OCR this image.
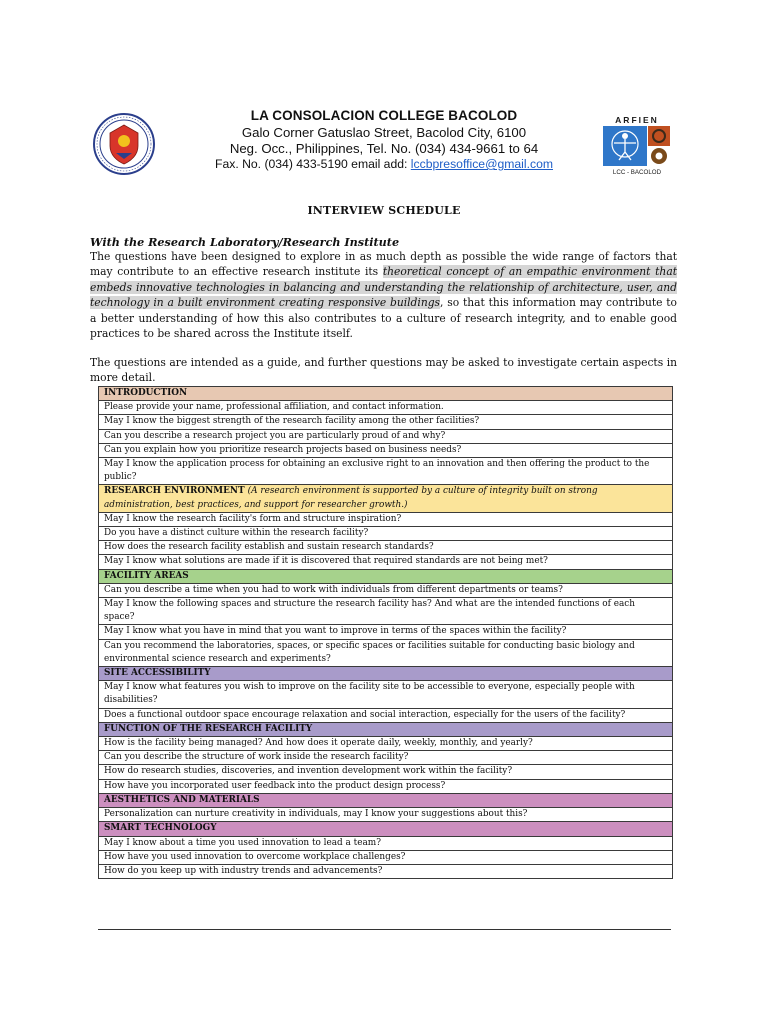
LA CONSOLACION COLLEGE BACOLOD
Galo Corner Gatuslao Street, Bacolod City, 6100
Neg. Occ., Philippines, Tel. No. (034) 434-9661 to 64
Fax. No. (034) 433-5190 email add: lccbpresoffice@gmail.com
ARFIEN
LCC - BACOLOD
INTERVIEW SCHEDULE
With the Research Laboratory/Research Institute
The questions have been designed to explore in as much depth as possible the wide range of factors that may contribute to an effective research institute its theoretical concept of an empathic environment that embeds innovative technologies in balancing and understanding the relationship of architecture, user, and technology in a built environment creating responsive buildings, so that this information may contribute to a better understanding of how this also contributes to a culture of research integrity, and to enable good practices to be shared across the Institute itself.
The questions are intended as a guide, and further questions may be asked to investigate certain aspects in more detail.
INTRODUCTION
Please provide your name, professional affiliation, and contact information.
May I know the biggest strength of the research facility among the other facilities?
Can you describe a research project you are particularly proud of and why?
Can you explain how you prioritize research projects based on business needs?
May I know the application process for obtaining an exclusive right to an innovation and then offering the product to the public?
RESEARCH ENVIRONMENT (A research environment is supported by a culture of integrity built on strong administration, best practices, and support for researcher growth.)
May I know the research facility's form and structure inspiration?
Do you have a distinct culture within the research facility?
How does the research facility establish and sustain research standards?
May I know what solutions are made if it is discovered that required standards are not being met?
FACILITY AREAS
Can you describe a time when you had to work with individuals from different departments or teams?
May I know the following spaces and structure the research facility has? And what are the intended functions of each space?
May I know what you have in mind that you want to improve in terms of the spaces within the facility?
Can you recommend the laboratories, spaces, or specific spaces or facilities suitable for conducting basic biology and environmental science research and experiments?
SITE ACCESSIBILITY
May I know what features you wish to improve on the facility site to be accessible to everyone, especially people with disabilities?
Does a functional outdoor space encourage relaxation and social interaction, especially for the users of the facility?
FUNCTION OF THE RESEARCH FACILITY
How is the facility being managed? And how does it operate daily, weekly, monthly, and yearly?
Can you describe the structure of work inside the research facility?
How do research studies, discoveries, and invention development work within the facility?
How have you incorporated user feedback into the product design process?
AESTHETICS AND MATERIALS
Personalization can nurture creativity in individuals, may I know your suggestions about this?
SMART TECHNOLOGY
May I know about a time you used innovation to lead a team?
How have you used innovation to overcome workplace challenges?
How do you keep up with industry trends and advancements?
